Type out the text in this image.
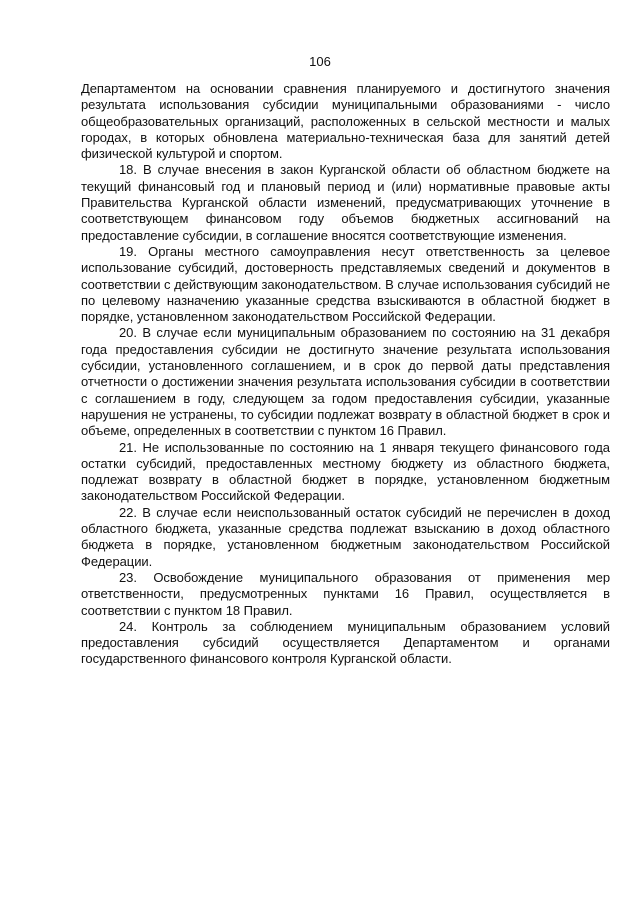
106

Департаментом на основании сравнения планируемого и достигнутого значения результата использования субсидии муниципальными образованиями - число общеобразовательных организаций, расположенных в сельской местности и малых городах, в которых обновлена материально-техническая база для занятий детей физической культурой и спортом.

18. В случае внесения в закон Курганской области об областном бюджете на текущий финансовый год и плановый период и (или) нормативные правовые акты Правительства Курганской области изменений, предусматривающих уточнение в соответствующем финансовом году объемов бюджетных ассигнований на предоставление субсидии, в соглашение вносятся соответствующие изменения.

19. Органы местного самоуправления несут ответственность за целевое использование субсидий, достоверность представляемых сведений и документов в соответствии с действующим законодательством. В случае использования субсидий не по целевому назначению указанные средства взыскиваются в областной бюджет в порядке, установленном законодательством Российской Федерации.

20. В случае если муниципальным образованием по состоянию на 31 декабря года предоставления субсидии не достигнуто значение результата использования субсидии, установленного соглашением, и в срок до первой даты представления отчетности о достижении значения результата использования субсидии в соответствии с соглашением в году, следующем за годом предоставления субсидии, указанные нарушения не устранены, то субсидии подлежат возврату в областной бюджет в срок и объеме, определенных в соответствии с пунктом 16 Правил.

21. Не использованные по состоянию на 1 января текущего финансового года остатки субсидий, предоставленных местному бюджету из областного бюджета, подлежат возврату в областной бюджет в порядке, установленном бюджетным законодательством Российской Федерации.

22. В случае если неиспользованный остаток субсидий не перечислен в доход областного бюджета, указанные средства подлежат взысканию в доход областного бюджета в порядке, установленном бюджетным законодательством Российской Федерации.

23. Освобождение муниципального образования от применения мер ответственности, предусмотренных пунктами 16 Правил, осуществляется в соответствии с пунктом 18 Правил.

24. Контроль за соблюдением муниципальным образованием условий предоставления субсидий осуществляется Департаментом и органами государственного финансового контроля Курганской области.
